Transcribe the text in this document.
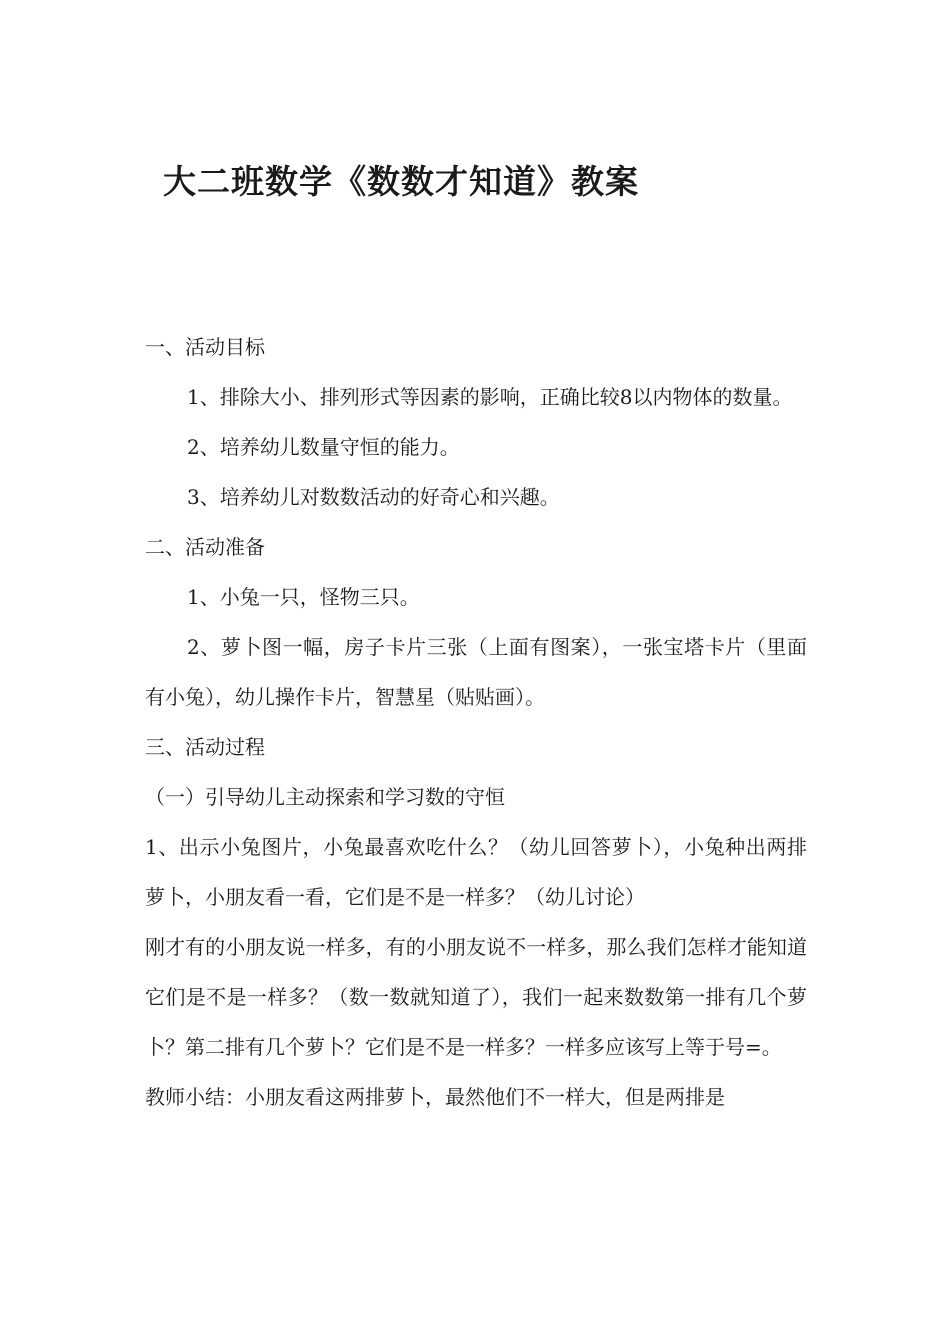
大二班数学《数数才知道》教案

一、活动目标

1、排除大小、排列形式等因素的影响，正确比较8以内物体的数量。

2、培养幼儿数量守恒的能力。

3、培养幼儿对数数活动的好奇心和兴趣。

二、活动准备

1、小兔一只，怪物三只。

2、萝卜图一幅，房子卡片三张（上面有图案），一张宝塔卡片（里面有小兔），幼儿操作卡片，智慧星（贴贴画）。

三、活动过程

（一）引导幼儿主动探索和学习数的守恒

1、出示小兔图片，小兔最喜欢吃什么？（幼儿回答萝卜），小兔种出两排萝卜，小朋友看一看，它们是不是一样多？（幼儿讨论）

刚才有的小朋友说一样多，有的小朋友说不一样多，那么我们怎样才能知道它们是不是一样多？（数一数就知道了），我们一起来数数第一排有几个萝卜？第二排有几个萝卜？它们是不是一样多？一样多应该写上等于号=。

教师小结：小朋友看这两排萝卜，最然他们不一样大，但是两排是
